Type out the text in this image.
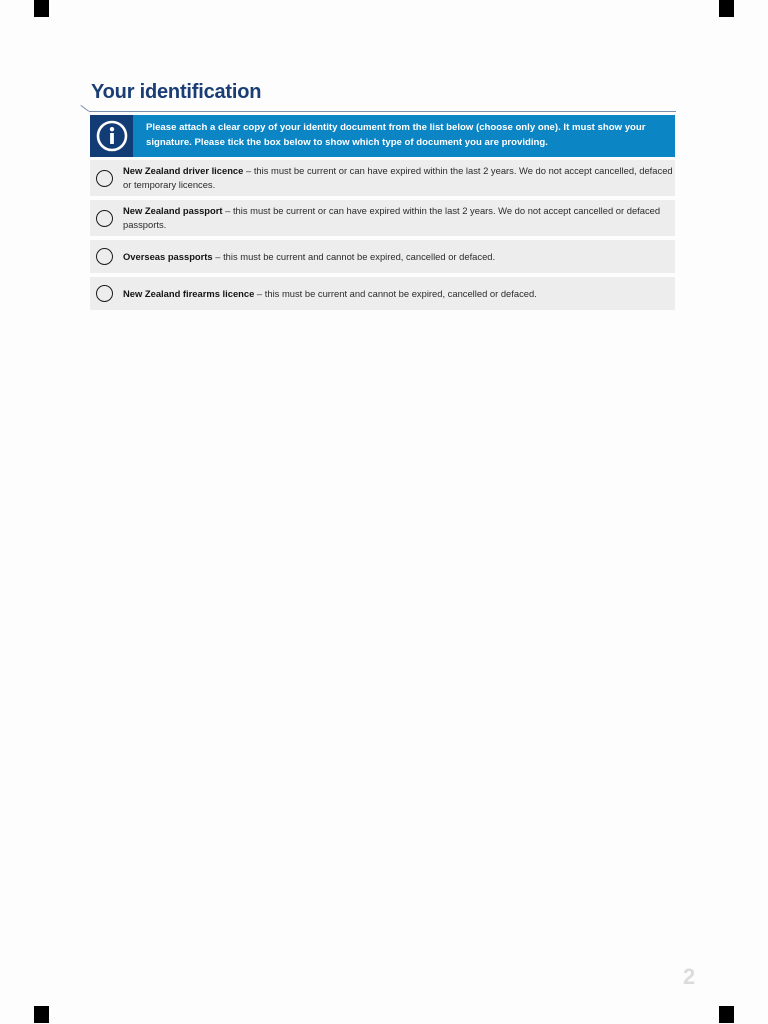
Your identification
Please attach a clear copy of your identity document from the list below (choose only one). It must show your signature. Please tick the box below to show which type of document you are providing.
New Zealand driver licence – this must be current or can have expired within the last 2 years. We do not accept cancelled, defaced or temporary licences.
New Zealand passport – this must be current or can have expired within the last 2 years. We do not accept cancelled or defaced passports.
Overseas passports – this must be current and cannot be expired, cancelled or defaced.
New Zealand firearms licence – this must be current and cannot be expired, cancelled or defaced.
2
